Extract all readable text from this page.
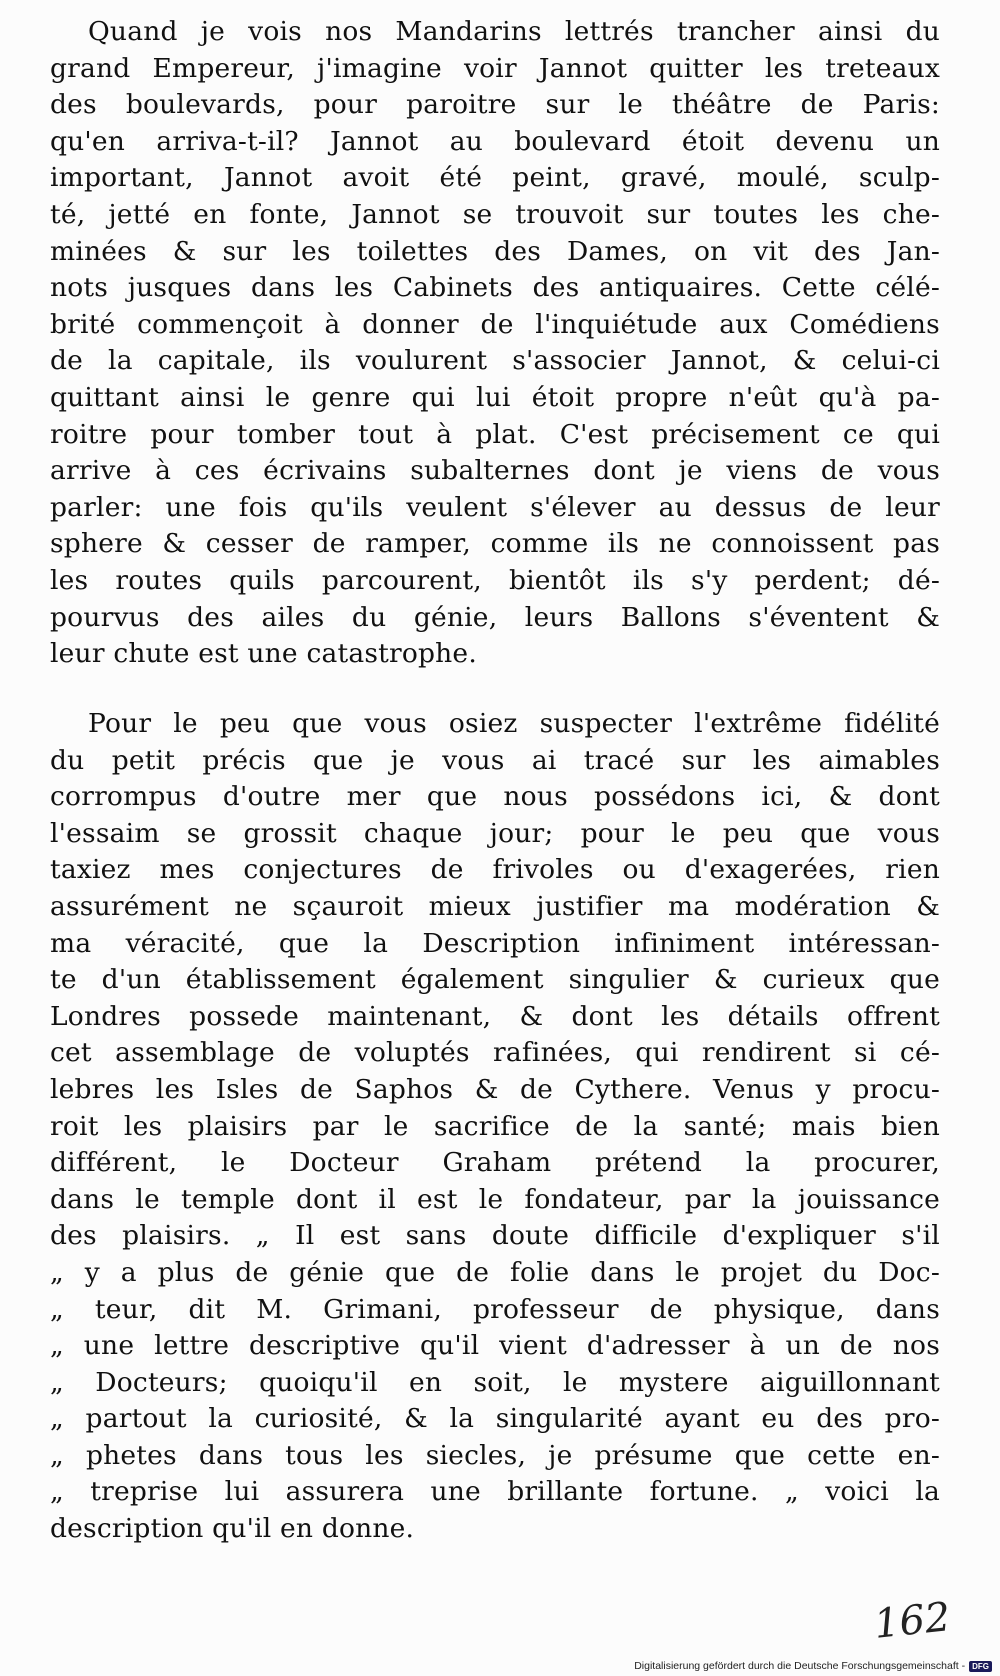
Quand je vois nos Mandarins lettrés trancher ainsi du
grand Empereur, j'imagine voir Jannot quitter les treteaux
des boulevards, pour paroitre sur le théâtre de Paris:
qu'en arriva-t-il? Jannot au boulevard étoit devenu un
important, Jannot avoit été peint, gravé, moulé, sculp-
té, jetté en fonte, Jannot se trouvoit sur toutes les che-
minées & sur les toilettes des Dames, on vit des Jan-
nots jusques dans les Cabinets des antiquaires. Cette célé-
brité commençoit à donner de l'inquiétude aux Comédiens
de la capitale, ils voulurent s'associer Jannot, & celui-ci
quittant ainsi le genre qui lui étoit propre n'eût qu'à pa-
roitre pour tomber tout à plat. C'est précisement ce qui
arrive à ces écrivains subalternes dont je viens de vous
parler: une fois qu'ils veulent s'élever au dessus de leur
sphere & cesser de ramper, comme ils ne connoissent pas
les routes quils parcourent, bientôt ils s'y perdent; dé-
pourvus des ailes du génie, leurs Ballons s'éventent &
leur chute est une catastrophe.
Pour le peu que vous osiez suspecter l'extrême fidélité
du petit précis que je vous ai tracé sur les aimables
corrompus d'outre mer que nous possédons ici, & dont
l'essaim se grossit chaque jour; pour le peu que vous
taxiez mes conjectures de frivoles ou d'exagerées, rien
assurément ne sçauroit mieux justifier ma modération &
ma véracité, que la Description infiniment intéressan-
te d'un établissement également singulier & curieux que
Londres possede maintenant, & dont les détails offrent
cet assemblage de voluptés rafinées, qui rendirent si cé-
lebres les Isles de Saphos & de Cythere. Venus y procu-
roit les plaisirs par le sacrifice de la santé; mais bien
différent, le Docteur Graham prétend la procurer,
dans le temple dont il est le fondateur, par la jouissance
des plaisirs. „ Il est sans doute difficile d'expliquer s'il
„ y a plus de génie que de folie dans le projet du Doc-
„ teur, dit M. Grimani, professeur de physique, dans
„ une lettre descriptive qu'il vient d'adresser à un de nos
„ Docteurs; quoiqu'il en soit, le mystere aiguillonnant
„ partout la curiosité, & la singularité ayant eu des pro-
„ phetes dans tous les siecles, je présume que cette en-
„ treprise lui assurera une brillante fortune. „ voici la
description qu'il en donne.
162
Digitalisierung gefördert durch die Deutsche Forschungsgemeinschaft - DFG
